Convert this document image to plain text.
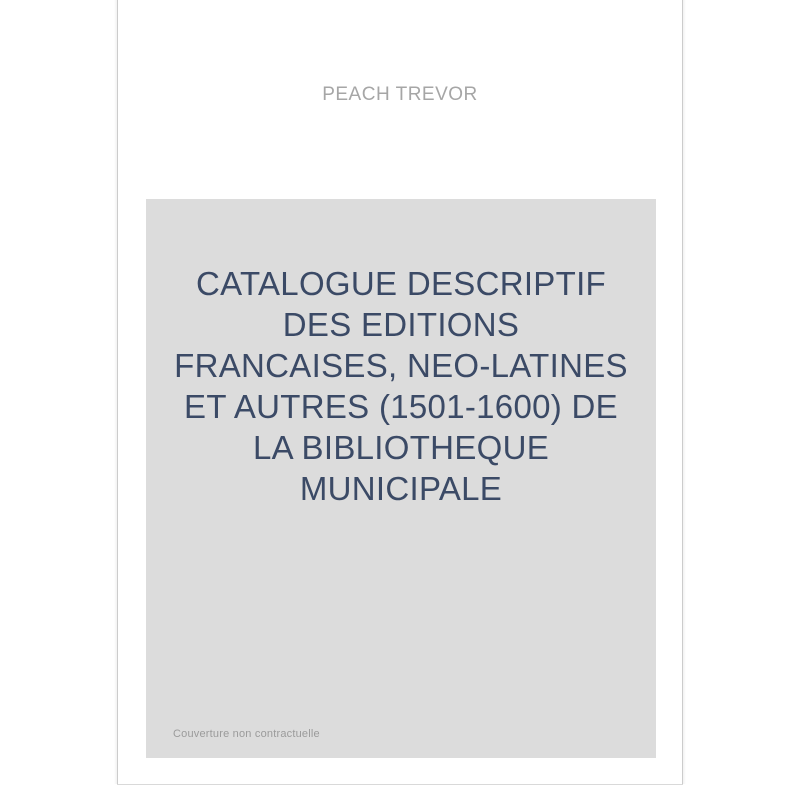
PEACH TREVOR
CATALOGUE DESCRIPTIF DES EDITIONS FRANCAISES, NEO-LATINES ET AUTRES (1501-1600) DE LA BIBLIOTHEQUE MUNICIPALE
Couverture non contractuelle
